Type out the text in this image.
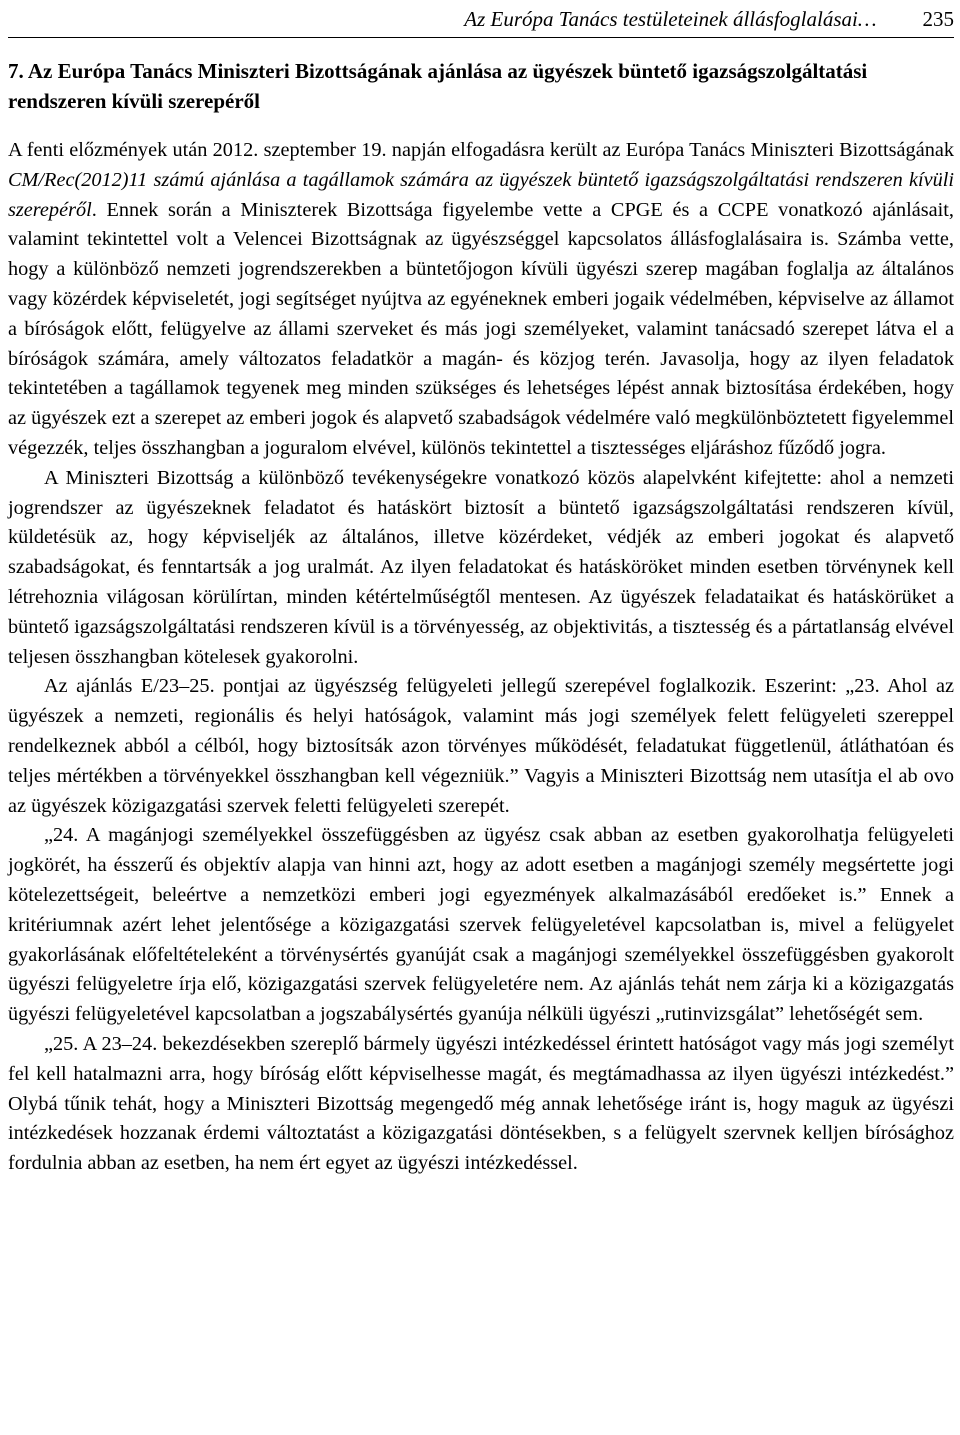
Az Európa Tanács testületeinek állásfoglalásai… 235
7. Az Európa Tanács Miniszteri Bizottságának ajánlása az ügyészek büntető igazságszolgáltatási rendszeren kívüli szerepéről

A fenti előzmények után 2012. szeptember 19. napján elfogadásra került az Európa Tanács Miniszteri Bizottságának CM/Rec(2012)11 számú ajánlása a tagállamok számára az ügyészek büntető igazságszolgáltatási rendszeren kívüli szerepéről. Ennek során a Miniszterek Bizottsága figyelembe vette a CPGE és a CCPE vonatkozó ajánlásait, valamint tekintettel volt a Velencei Bizottságnak az ügyészséggel kapcsolatos állásfoglalásaira is. Számba vette, hogy a különböző nemzeti jogrendszerekben a büntetőjogon kívüli ügyészi szerep magában foglalja az általános vagy közérdek képviseletét, jogi segítséget nyújtva az egyéneknek emberi jogaik védelmében, képviselve az államot a bíróságok előtt, felügyelve az állami szerveket és más jogi személyeket, valamint tanácsadó szerepet látva el a bíróságok számára, amely változatos feladatkör a magán- és közjog terén. Javasolja, hogy az ilyen feladatok tekintetében a tagállamok tegyenek meg minden szükséges és lehetséges lépést annak biztosítása érdekében, hogy az ügyészek ezt a szerepet az emberi jogok és alapvető szabadságok védelmére való megkülönböztetett figyelemmel végezzék, teljes összhangban a joguralom elvével, különös tekintettel a tisztességes eljáráshoz fűződő jogra.

A Miniszteri Bizottság a különböző tevékenységekre vonatkozó közös alapelvként kifejtette: ahol a nemzeti jogrendszer az ügyészeknek feladatot és hatáskört biztosít a büntető igazságszolgáltatási rendszeren kívül, küldetésük az, hogy képviseljék az általános, illetve közérdeket, védjék az emberi jogokat és alapvető szabadságokat, és fenntartsák a jog uralmát. Az ilyen feladatokat és hatásköröket minden esetben törvénynek kell létrehoznia világosan körülírtan, minden kétértelműségtől mentesen. Az ügyészek feladataikat és hatáskörüket a büntető igazságszolgáltatási rendszeren kívül is a törvényesség, az objektivitás, a tisztesség és a pártatlanság elvével teljesen összhangban kötelesek gyakorolni.

Az ajánlás E/23–25. pontjai az ügyészség felügyeleti jellegű szerepével foglalkozik. Eszerint: „23. Ahol az ügyészek a nemzeti, regionális és helyi hatóságok, valamint más jogi személyek felett felügyeleti szereppel rendelkeznek abból a célból, hogy biztosítsák azon törvényes működését, feladatukat függetlenül, átláthatóan és teljes mértékben a törvényekkel összhangban kell végezniük.” Vagyis a Miniszteri Bizottság nem utasítja el ab ovo az ügyészek közigazgatási szervek feletti felügyeleti szerepét.

„24. A magánjogi személyekkel összefüggésben az ügyész csak abban az esetben gyakorolhatja felügyeleti jogkörét, ha ésszerű és objektív alapja van hinni azt, hogy az adott esetben a magánjogi személy megsértette jogi kötelezettségeit, beleértve a nemzetközi emberi jogi egyezmények alkalmazásából eredőeket is.” Ennek a kritériumnak azért lehet jelentősége a közigazgatási szervek felügyeletével kapcsolatban is, mivel a felügyelet gyakorlásának előfeltételeként a törvénysértés gyanúját csak a magánjogi személyekkel összefüggésben gyakorolt ügyészi felügyeletre írja elő, közigazgatási szervek felügyeletére nem. Az ajánlás tehát nem zárja ki a közigazgatás ügyészi felügyeletével kapcsolatban a jogszabálysértés gyanúja nélküli ügyészi „rutinvizsgálat” lehetőségét sem.

„25. A 23–24. bekezdésekben szereplő bármely ügyészi intézkedéssel érintett hatóságot vagy más jogi személyt fel kell hatalmazni arra, hogy bíróság előtt képviselhesse magát, és megtámadhassa az ilyen ügyészi intézkedést.” Olybá tűnik tehát, hogy a Miniszteri Bizottság megengedő még annak lehetősége iránt is, hogy maguk az ügyészi intézkedések hozzanak érdemi változtatást a közigazgatási döntésekben, s a felügyelt szervnek kelljen bírósághoz fordulnia abban az esetben, ha nem ért egyet az ügyészi intézkedéssel.
